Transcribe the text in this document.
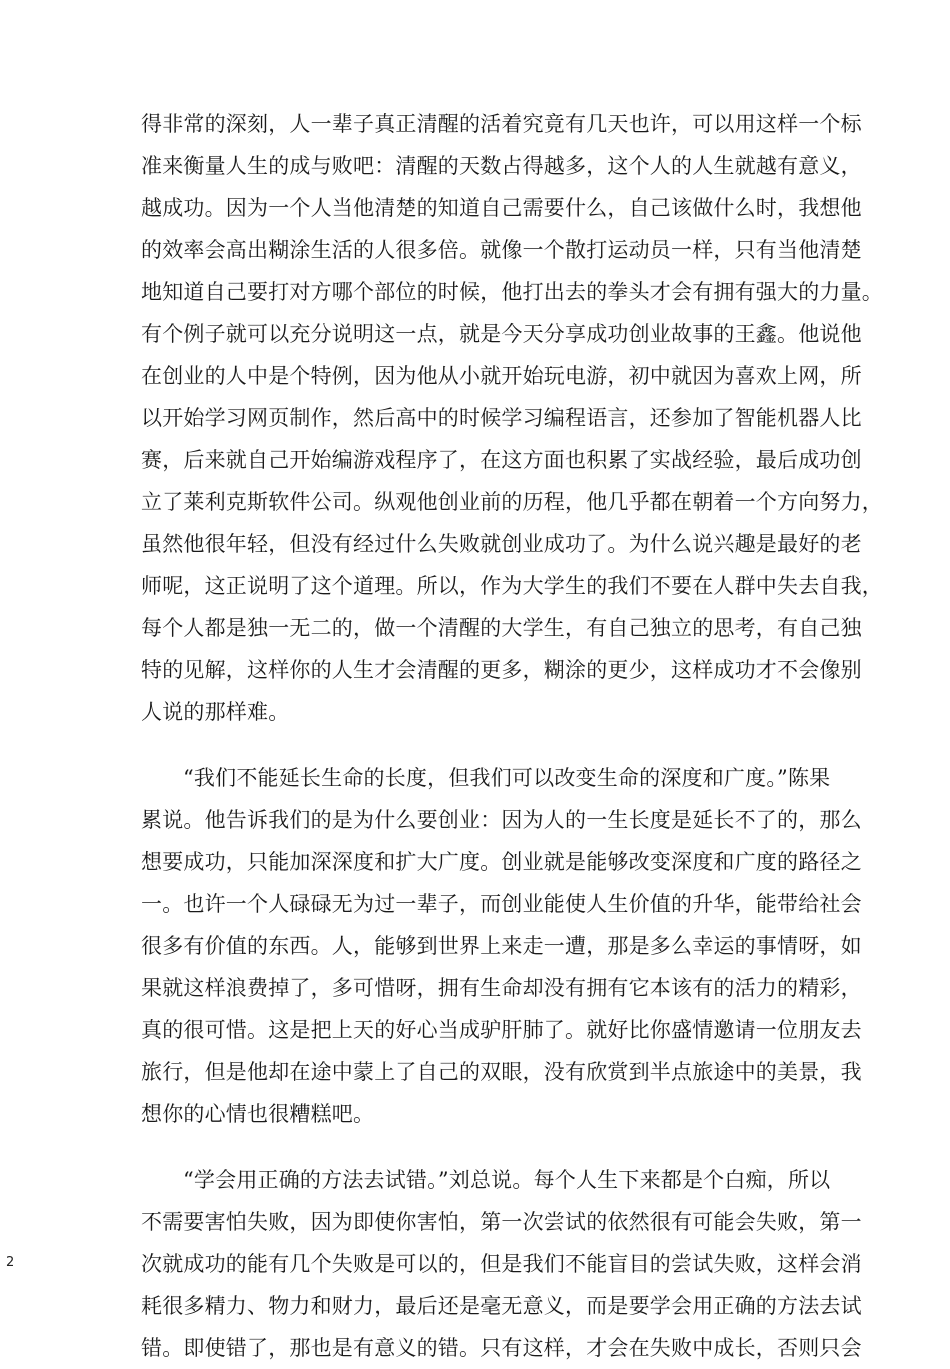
得非常的深刻，人一辈子真正清醒的活着究竟有几天也许，可以用这样一个标
准来衡量人生的成与败吧：清醒的天数占得越多，这个人的人生就越有意义，
越成功。因为一个人当他清楚的知道自己需要什么，自己该做什么时，我想他
的效率会高出糊涂生活的人很多倍。就像一个散打运动员一样，只有当他清楚
地知道自己要打对方哪个部位的时候，他打出去的拳头才会有拥有强大的力量。
有个例子就可以充分说明这一点，就是今天分享成功创业故事的王鑫。他说他
在创业的人中是个特例，因为他从小就开始玩电游，初中就因为喜欢上网，所
以开始学习网页制作，然后高中的时候学习编程语言，还参加了智能机器人比
赛，后来就自己开始编游戏程序了，在这方面也积累了实战经验，最后成功创
立了莱利克斯软件公司。纵观他创业前的历程，他几乎都在朝着一个方向努力，
虽然他很年轻，但没有经过什么失败就创业成功了。为什么说兴趣是最好的老
师呢，这正说明了这个道理。所以，作为大学生的我们不要在人群中失去自我，
每个人都是独一无二的，做一个清醒的大学生，有自己独立的思考，有自己独
特的见解，这样你的人生才会清醒的更多，糊涂的更少，这样成功才不会像别
人说的那样难。
“我们不能延长生命的长度，但我们可以改变生命的深度和广度。”陈果
累说。他告诉我们的是为什么要创业：因为人的一生长度是延长不了的，那么
想要成功，只能加深深度和扩大广度。创业就是能够改变深度和广度的路径之
一。也许一个人碌碌无为过一辈子，而创业能使人生价值的升华，能带给社会
很多有价值的东西。人，能够到世界上来走一遭，那是多么幸运的事情呀，如
果就这样浪费掉了，多可惜呀，拥有生命却没有拥有它本该有的活力的精彩，
真的很可惜。这是把上天的好心当成驴肝肺了。就好比你盛情邀请一位朋友去
旅行，但是他却在途中蒙上了自己的双眼，没有欣赏到半点旅途中的美景，我
想你的心情也很糟糕吧。
“学会用正确的方法去试错。”刘总说。每个人生下来都是个白痴，所以
不需要害怕失败，因为即使你害怕，第一次尝试的依然很有可能会失败，第一
次就成功的能有几个失败是可以的，但是我们不能盲目的尝试失败，这样会消
耗很多精力、物力和财力，最后还是毫无意义，而是要学会用正确的方法去试
错。即使错了，那也是有意义的错。只有这样，才会在失败中成长，否则只会
2
